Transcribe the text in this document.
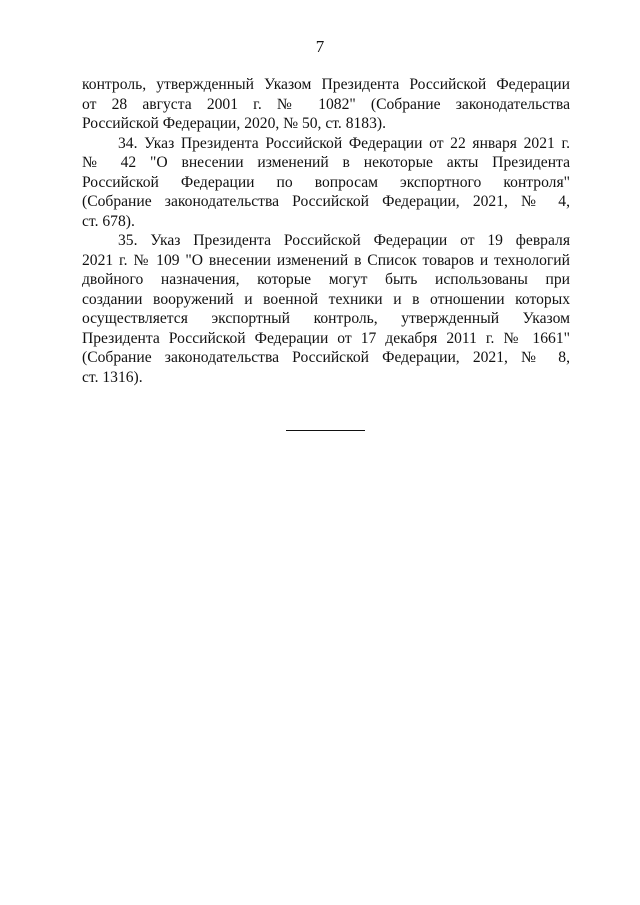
7
контроль, утвержденный Указом Президента Российской Федерации
от 28 августа 2001 г. № 1082" (Собрание законодательства
Российской Федерации, 2020, № 50, ст. 8183).
34. Указ Президента Российской Федерации от 22 января 2021 г.
№ 42 "О внесении изменений в некоторые акты Президента
Российской Федерации по вопросам экспортного контроля"
(Собрание законодательства Российской Федерации, 2021, № 4,
ст. 678).
35. Указ Президента Российской Федерации от 19 февраля
2021 г. № 109 "О внесении изменений в Список товаров и технологий
двойного назначения, которые могут быть использованы при
создании вооружений и военной техники и в отношении которых
осуществляется экспортный контроль, утвержденный Указом
Президента Российской Федерации от 17 декабря 2011 г. № 1661"
(Собрание законодательства Российской Федерации, 2021, № 8,
ст. 1316).
